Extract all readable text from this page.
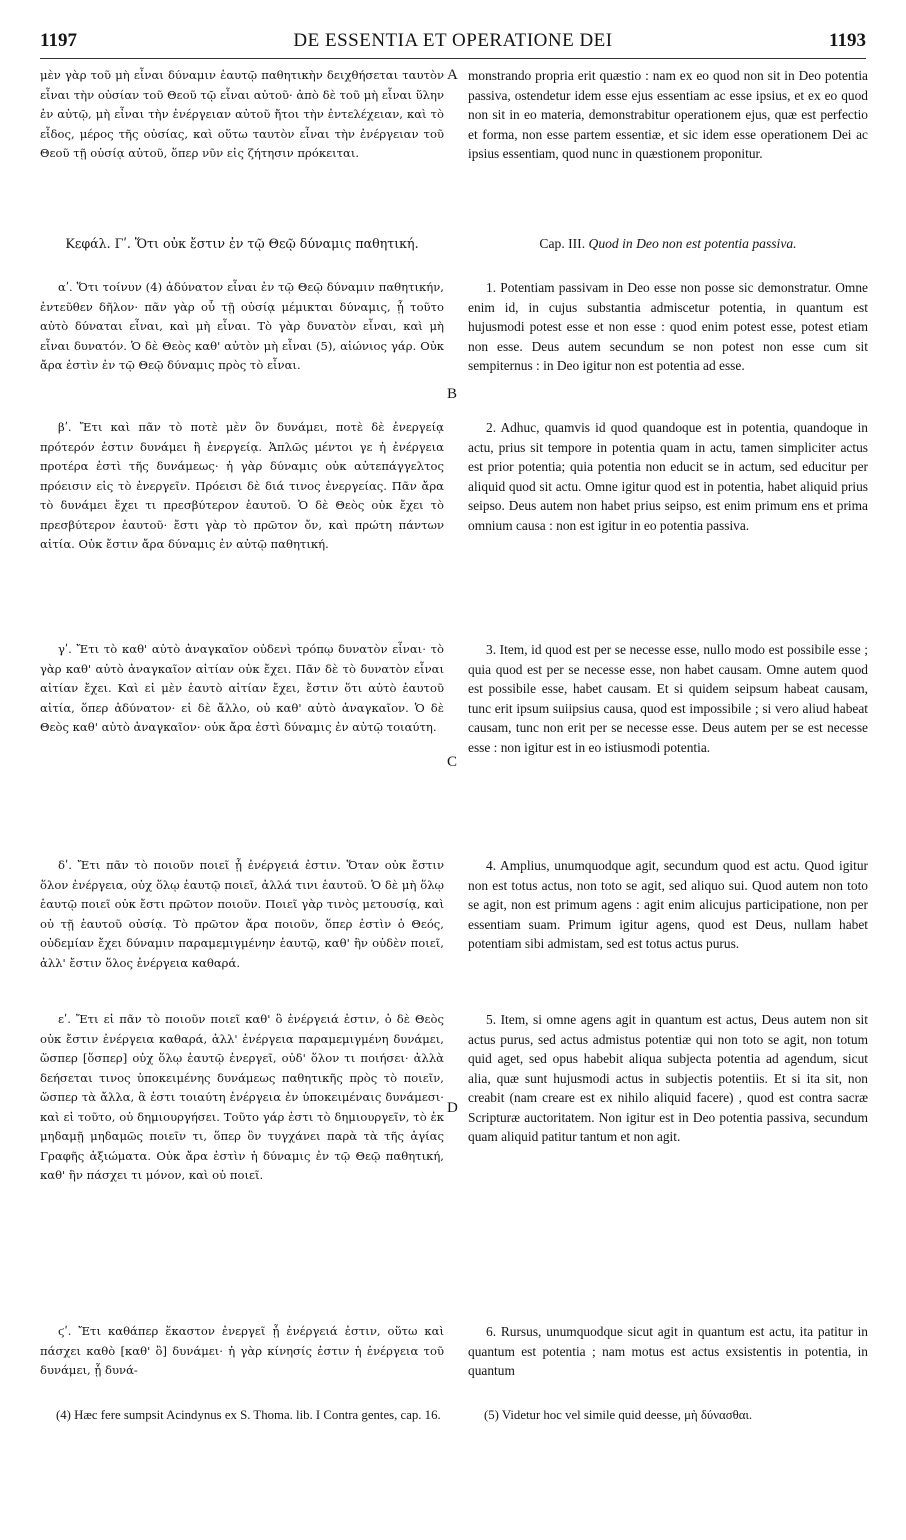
1197	DE ESSENTIA ET OPERATIONE DEI	1193

μὲν γὰρ τοῦ μὴ εἶναι δύναμιν ἑαυτῷ παθητικὴν δειχθήσεται ταυτὸν εἶναι τὴν οὐσίαν τοῦ Θεοῦ τῷ εἶναι αὐτοῦ· ἀπὸ δὲ τοῦ μὴ εἶναι ὕλην ἐν αὐτῷ, μὴ εἶναι τὴν ἐνέργειαν αὐτοῦ ἤτοι τὴν ἐντελέχειαν, καὶ τὸ εἶδος, μέρος τῆς οὐσίας, καὶ οὕτω ταυτὸν εἶναι τὴν ἐνέργειαν τοῦ Θεοῦ τῇ οὐσίᾳ αὐτοῦ, ὅπερ νῦν εἰς ζήτησιν πρόκειται.

Κεφάλ. Γʹ. Ὅτι οὐκ ἔστιν ἐν τῷ Θεῷ δύναμις παθητική.

αʹ. Ὅτι τοίνυν (4) ἀδύνατον εἶναι ἐν τῷ Θεῷ δύναμιν παθητικήν, ἐντεῦθεν δῆλον· πᾶν γὰρ οὗ τῇ οὐσίᾳ μέμικται δύναμις, ᾗ τοῦτο αὐτὸ δύναται εἶναι, καὶ μὴ εἶναι. Τὸ γὰρ δυνατὸν εἶναι, καὶ μὴ εἶναι δυνατόν. Ὁ δὲ Θεὸς καθ' αὐτὸν μὴ εἶναι (5), αἰώνιος γάρ. Οὐκ ἄρα ἐστὶν ἐν τῷ Θεῷ δύναμις πρὸς τὸ εἶναι.

βʹ. Ἔτι καὶ πᾶν τὸ ποτὲ μὲν ὂν δυνάμει, ποτὲ δὲ ἐνεργείᾳ πρότερόν ἐστιν δυνάμει ἢ ἐνεργείᾳ. Ἁπλῶς μέντοι γε ἡ ἐνέργεια προτέρα ἐστὶ τῆς δυνάμεως· ἡ γὰρ δύναμις οὐκ αὐτεπάγγελτος πρόεισιν εἰς τὸ ἐνεργεῖν. Πρόεισι δὲ διά τινος ἐνεργείας. Πᾶν ἄρα τὸ δυνάμει ἔχει τι πρεσβύτερον ἑαυτοῦ. Ὁ δὲ Θεὸς οὐκ ἔχει τὸ πρεσβύτερον ἑαυτοῦ· ἔστι γὰρ τὸ πρῶτον ὄν, καὶ πρώτη πάντων αἰτία. Οὐκ ἔστιν ἄρα δύναμις ἐν αὐτῷ παθητική.

γʹ. Ἔτι τὸ καθ' αὐτὸ ἀναγκαῖον οὐδενὶ τρόπῳ δυνατὸν εἶναι· τὸ γὰρ καθ' αὐτὸ ἀναγκαῖον αἰτίαν οὐκ ἔχει. Πᾶν δὲ τὸ δυνατὸν εἶναι αἰτίαν ἔχει. Καὶ εἰ μὲν ἑαυτὸ αἰτίαν ἔχει, ἔστιν ὅτι αὐτὸ ἑαυτοῦ αἰτία, ὅπερ ἀδύνατον· εἰ δὲ ἄλλο, οὐ καθ' αὐτὸ ἀναγκαῖον. Ὁ δὲ Θεὸς καθ' αὐτὸ ἀναγκαῖον· οὐκ ἄρα ἐστὶ δύναμις ἐν αὐτῷ τοιαύτη.

δʹ. Ἔτι πᾶν τὸ ποιοῦν ποιεῖ ᾗ ἐνέργειά ἐστιν. Ὅταν οὐκ ἔστιν ὅλον ἐνέργεια, οὐχ ὅλῳ ἑαυτῷ ποιεῖ, ἀλλά τινι ἑαυτοῦ. Ὁ δὲ μὴ ὅλῳ ἑαυτῷ ποιεῖ οὐκ ἔστι πρῶτον ποιοῦν. Ποιεῖ γὰρ τινὸς μετουσίᾳ, καὶ οὐ τῇ ἑαυτοῦ οὐσίᾳ. Τὸ πρῶτον ἄρα ποιοῦν, ὅπερ ἐστὶν ὁ Θεός, οὐδεμίαν ἔχει δύναμιν παραμεμιγμένην ἑαυτῷ, καθ' ἣν οὐδὲν ποιεῖ, ἀλλ' ἔστιν ὅλος ἐνέργεια καθαρά.

εʹ. Ἔτι εἰ πᾶν τὸ ποιοῦν ποιεῖ καθ' ὃ ἐνέργειά ἐστιν, ὁ δὲ Θεὸς οὐκ ἔστιν ἐνέργεια καθαρά, ἀλλ' ἐνέργεια παραμεμιγμένη δυνάμει, ὥσπερ [ὅσπερ] οὐχ ὅλῳ ἑαυτῷ ἐνεργεῖ, οὐδ' ὅλον τι ποιήσει· ἀλλὰ δεήσεται τινος ὑποκειμένης δυνάμεως παθητικῆς πρὸς τὸ ποιεῖν, ὥσπερ τὰ ἄλλα, ἃ ἐστι τοιαύτη ἐνέργεια ἐν ὑποκειμέναις δυνάμεσι· καὶ εἰ τοῦτο, οὐ δημιουργήσει. Τοῦτο γάρ ἐστι τὸ δημιουργεῖν, τὸ ἐκ μηδαμῇ μηδαμῶς ποιεῖν τι, ὅπερ ὂν τυγχάνει παρὰ τὰ τῆς ἁγίας Γραφῆς ἀξιώματα. Οὐκ ἄρα ἐστὶν ἡ δύναμις ἐν τῷ Θεῷ παθητική, καθ' ἣν πάσχει τι μόνον, καὶ οὐ ποιεῖ.

ϛʹ. Ἔτι καθάπερ ἕκαστον ἐνεργεῖ ᾗ ἐνέργειά ἐστιν, οὕτω καὶ πάσχει καθὸ [καθ' ὃ] δυνάμει· ἡ γὰρ κίνησίς ἐστιν ἡ ἐνέργεια τοῦ δυνάμει, ᾗ δυνά-

A
B
C
D

monstrando propria erit quæstio : nam ex eo quod non sit in Deo potentia passiva, ostendetur idem esse ejus essentiam ac esse ipsius, et ex eo quod non sit in eo materia, demonstrabitur operationem ejus, quæ est perfectio et forma, non esse partem essentiæ, et sic idem esse operationem Dei ac ipsius essentiam, quod nunc in quæstionem proponitur.

Cap. III. Quod in Deo non est potentia passiva.

1. Potentiam passivam in Deo esse non posse sic demonstratur. Omne enim id, in cujus substantia admiscetur potentia, in quantum est hujusmodi potest esse et non esse : quod enim potest esse, potest etiam non esse. Deus autem secundum se non potest non esse cum sit sempiternus : in Deo igitur non est potentia ad esse.

2. Adhuc, quamvis id quod quandoque est in potentia, quandoque in actu, prius sit tempore in potentia quam in actu, tamen simpliciter actus est prior potentia; quia potentia non educit se in actum, sed educitur per aliquid quod sit actu. Omne igitur quod est in potentia, habet aliquid prius seipso. Deus autem non habet prius seipso, est enim primum ens et prima omnium causa : non est igitur in eo potentia passiva.

3. Item, id quod est per se necesse esse, nullo modo est possibile esse ; quia quod est per se necesse esse, non habet causam. Omne autem quod est possibile esse, habet causam. Et si quidem seipsum habeat causam, tunc erit ipsum suiipsius causa, quod est impossibile ; si vero aliud habeat causam, tunc non erit per se necesse esse. Deus autem per se est necesse esse : non igitur est in eo istiusmodi potentia.

4. Amplius, unumquodque agit, secundum quod est actu. Quod igitur non est totus actus, non toto se agit, sed aliquo sui. Quod autem non toto se agit, non est primum agens : agit enim alicujus participatione, non per essentiam suam. Primum igitur agens, quod est Deus, nullam habet potentiam sibi admistam, sed est totus actus purus.

5. Item, si omne agens agit in quantum est actus, Deus autem non sit actus purus, sed actus admistus potentiæ qui non toto se agit, non totum quid aget, sed opus habebit aliqua subjecta potentia ad agendum, sicut alia, quæ sunt hujusmodi actus in subjectis potentiis. Et si ita sit, non creabit (nam creare est ex nihilo aliquid facere) , quod est contra sacræ Scripturæ auctoritatem. Non igitur est in Deo potentia passiva, secundum quam aliquid patitur tantum et non agit.

6. Rursus, unumquodque sicut agit in quantum est actu, ita patitur in quantum est potentia ; nam motus est actus exsistentis in potentia, in quantum

(4) Hæc fere sumpsit Acindynus ex S. Thoma. lib. I Contra gentes, cap. 16.	(5) Videtur hoc vel simile quid deesse, μὴ δύνασθαι.
